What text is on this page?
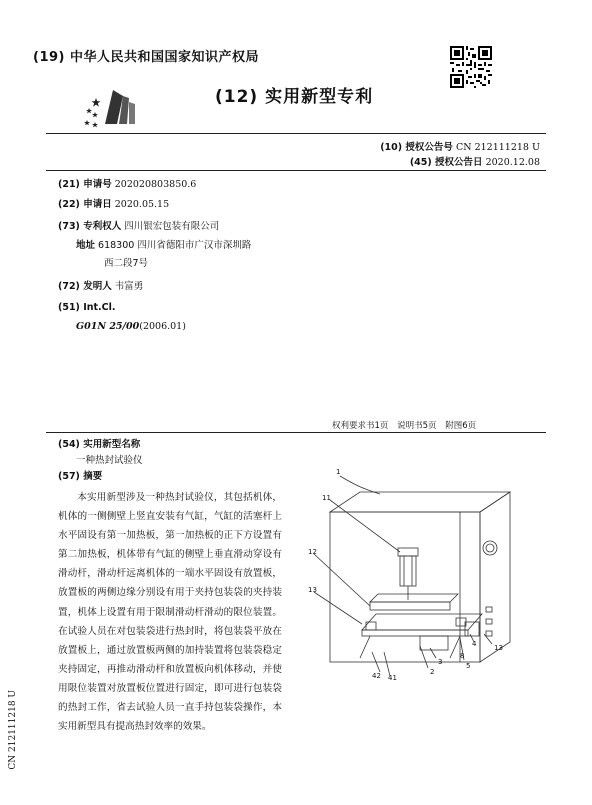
(19) 中华人民共和国国家知识产权局
(12) 实用新型专利
(10) 授权公告号 CN 212111218 U
(45) 授权公告日 2020.12.08
(21) 申请号 202020803850.6
(22) 申请日 2020.05.15
(73) 专利权人 四川银宏包装有限公司
地址 618300 四川省德阳市广汉市深圳路
西二段7号
(72) 发明人 韦富勇
(51) Int.Cl.
G01N 25/00(2006.01)
权利要求书1页 说明书5页 附图6页
(54) 实用新型名称
一种热封试验仪
(57) 摘要

本实用新型涉及一种热封试验仪，其包括机体，机体的一侧侧壁上竖直安装有气缸，气缸的活塞杆上水平固设有第一加热板，第一加热板的正下方设置有第二加热板，机体带有气缸的侧壁上垂直滑动穿设有滑动杆，滑动杆远离机体的一端水平固设有放置板，放置板的两侧边缘分别设有用于夹持包装袋的夹持装置，机体上设置有用于限制滑动杆滑动的限位装置。在试验人员在对包装袋进行热封时，将包装袋平放在放置板上，通过放置板两侧的加持装置将包装袋稳定夹持固定，再推动滑动杆和放置板向机体移动，并使用限位装置对放置板位置进行固定，即可进行包装袋的热封工作，省去试验人员一直手持包装袋操作，本实用新型具有提高热封效率的效果。

CN 212111218 U
1
11
12
13
4
5
3
2
8
13
42 41
